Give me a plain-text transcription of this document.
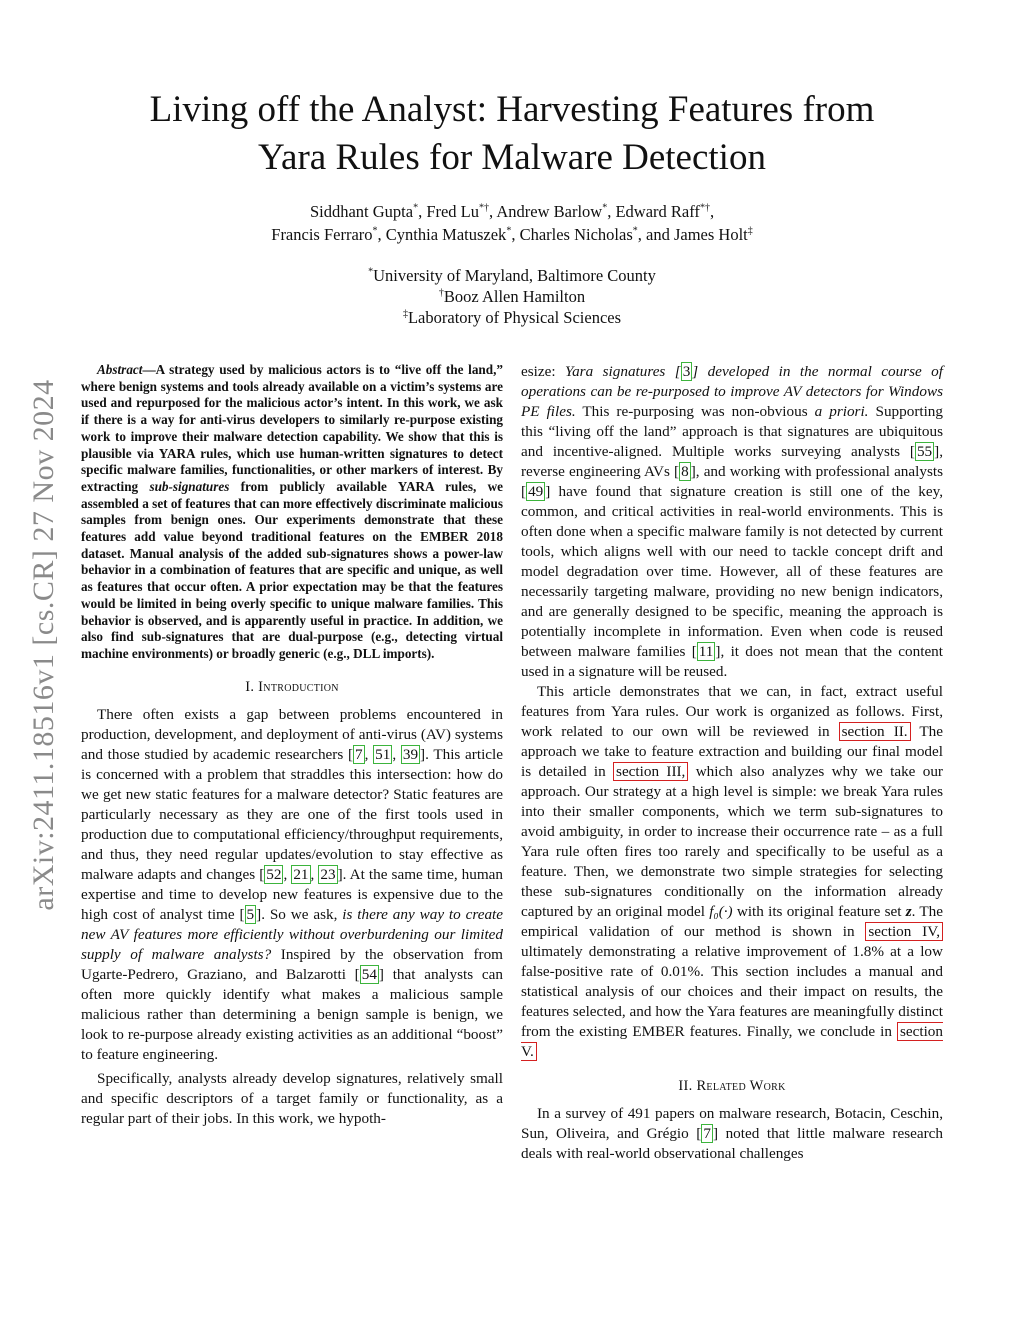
arXiv:2411.18516v1 [cs.CR] 27 Nov 2024
Living off the Analyst: Harvesting Features from
Yara Rules for Malware Detection
Siddhant Gupta*, Fred Lu*†, Andrew Barlow*, Edward Raff*†,
Francis Ferraro*, Cynthia Matuszek*, Charles Nicholas*, and James Holt‡
*University of Maryland, Baltimore County
†Booz Allen Hamilton
‡Laboratory of Physical Sciences

Abstract—A strategy used by malicious actors is to “live off the land,” where benign systems and tools already available on a victim’s systems are used and repurposed for the malicious actor’s intent. In this work, we ask if there is a way for anti-virus developers to similarly re-purpose existing work to improve their malware detection capability. We show that this is plausible via YARA rules, which use human-written signatures to detect specific malware families, functionalities, or other markers of interest. By extracting sub-signatures from publicly available YARA rules, we assembled a set of features that can more effectively discriminate malicious samples from benign ones. Our experiments demonstrate that these features add value beyond traditional features on the EMBER 2018 dataset. Manual analysis of the added sub-signatures shows a power-law behavior in a combination of features that are specific and unique, as well as features that occur often. A prior expectation may be that the features would be limited in being overly specific to unique malware families. This behavior is observed, and is apparently useful in practice. In addition, we also find sub-signatures that are dual-purpose (e.g., detecting virtual machine environments) or broadly generic (e.g., DLL imports).

I. Introduction

There often exists a gap between problems encountered in production, development, and deployment of anti-virus (AV) systems and those studied by academic researchers [ 7 , 51 , 39 ]. This article is concerned with a problem that straddles this intersection: how do we get new static features for a malware detector? Static features are particularly necessary as they are one of the first tools used in production due to computational efficiency/throughput requirements, and thus, they need regular updates/evolution to stay effective as malware adapts and changes [ 52 , 21 , 23 ]. At the same time, human expertise and time to develop new features is expensive due to the high cost of analyst time [ 5 ]. So we ask, is there any way to create new AV features more efficiently without overburdening our limited supply of malware analysts? Inspired by the observation from Ugarte-Pedrero, Graziano, and Balzarotti [ 54 ] that analysts can often more quickly identify what makes a malicious sample malicious rather than determining a benign sample is benign, we look to re-purpose already existing activities as an additional “boost” to feature engineering.

Specifically, analysts already develop signatures, relatively small and specific descriptors of a target family or functionality, as a regular part of their jobs. In this work, we hypoth-

esize: Yara signatures [ 3 ] developed in the normal course of operations can be re-purposed to improve AV detectors for Windows PE files. This re-purposing was non-obvious a priori. Supporting this “living off the land” approach is that signatures are ubiquitous and incentive-aligned. Multiple works surveying analysts [ 55 ], reverse engineering AVs [ 8 ], and working with professional analysts [ 49 ] have found that signature creation is still one of the key, common, and critical activities in real-world environments. This is often done when a specific malware family is not detected by current tools, which aligns well with our need to tackle concept drift and model degradation over time. However, all of these features are necessarily targeting malware, providing no new benign indicators, and are generally designed to be specific, meaning the approach is potentially incomplete in information. Even when code is reused between malware families [ 11 ], it does not mean that the content used in a signature will be reused.

This article demonstrates that we can, in fact, extract useful features from Yara rules. Our work is organized as follows. First, work related to our own will be reviewed in section II. The approach we take to feature extraction and building our final model is detailed in section III, which also analyzes why we take our approach. Our strategy at a high level is simple: we break Yara rules into their smaller components, which we term sub-signatures to avoid ambiguity, in order to increase their occurrence rate – as a full Yara rule often fires too rarely and specifically to be useful as a feature. Then, we demonstrate two simple strategies for selecting these sub-signatures conditionally on the information already captured by an original model f₀(·) with its original feature set z. The empirical validation of our method is shown in section IV, ultimately demonstrating a relative improvement of 1.8% at a low false-positive rate of 0.01%. This section includes a manual and statistical analysis of our choices and their impact on results, the features selected, and how the Yara features are meaningfully distinct from the existing EMBER features. Finally, we conclude in section V.

II. Related Work

In a survey of 491 papers on malware research, Botacin, Ceschin, Sun, Oliveira, and Grégio [ 7 ] noted that little malware research deals with real-world observational challenges
